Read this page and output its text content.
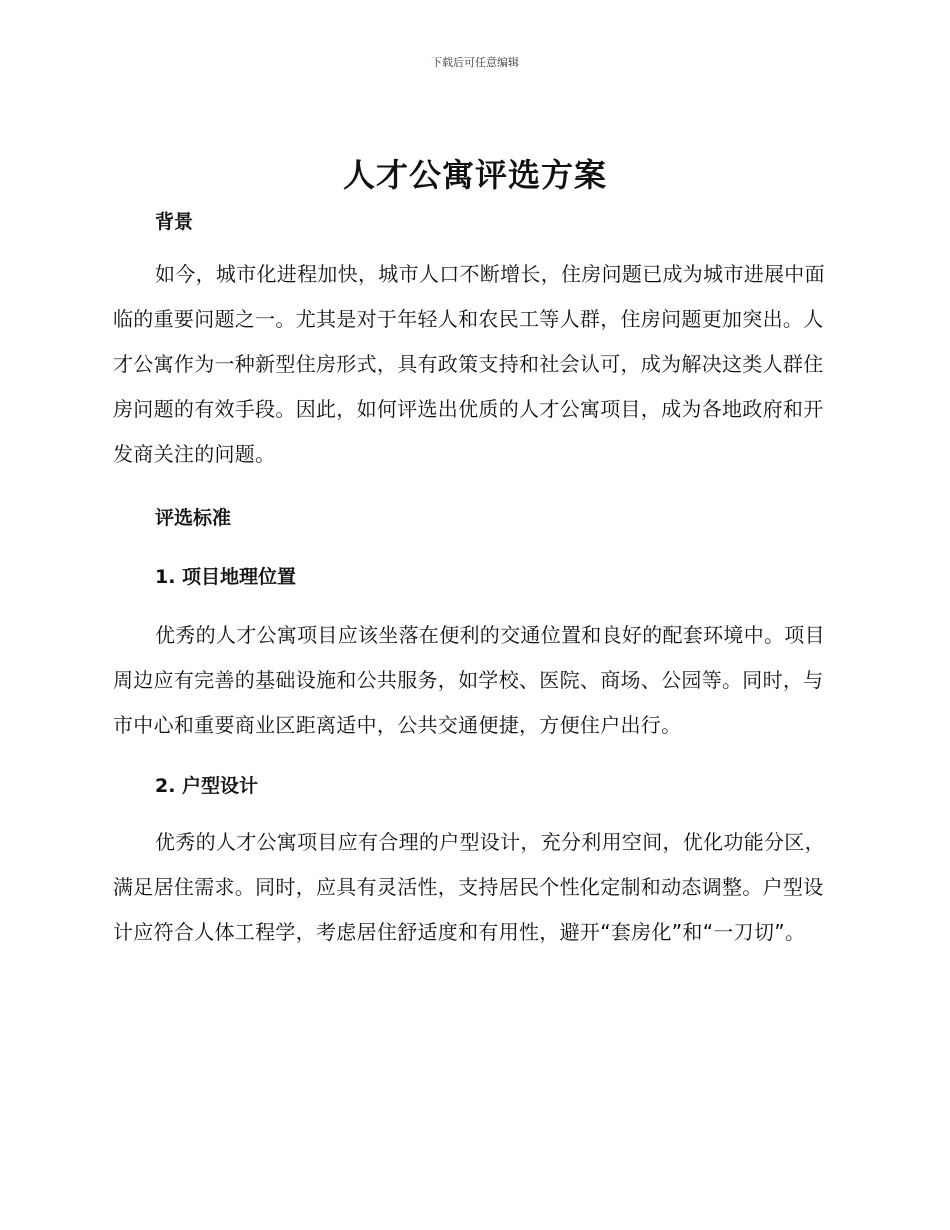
下载后可任意编辑
人才公寓评选方案
背景

如今，城市化进程加快，城市人口不断增长，住房问题已成为城市进展中面临的重要问题之一。尤其是对于年轻人和农民工等人群，住房问题更加突出。人才公寓作为一种新型住房形式，具有政策支持和社会认可，成为解决这类人群住房问题的有效手段。因此，如何评选出优质的人才公寓项目，成为各地政府和开发商关注的问题。

评选标准
1. 项目地理位置

优秀的人才公寓项目应该坐落在便利的交通位置和良好的配套环境中。项目周边应有完善的基础设施和公共服务，如学校、医院、商场、公园等。同时，与市中心和重要商业区距离适中，公共交通便捷，方便住户出行。

2. 户型设计

优秀的人才公寓项目应有合理的户型设计，充分利用空间，优化功能分区，满足居住需求。同时，应具有灵活性，支持居民个性化定制和动态调整。户型设计应符合人体工程学，考虑居住舒适度和有用性，避开“套房化”和“一刀切”。
